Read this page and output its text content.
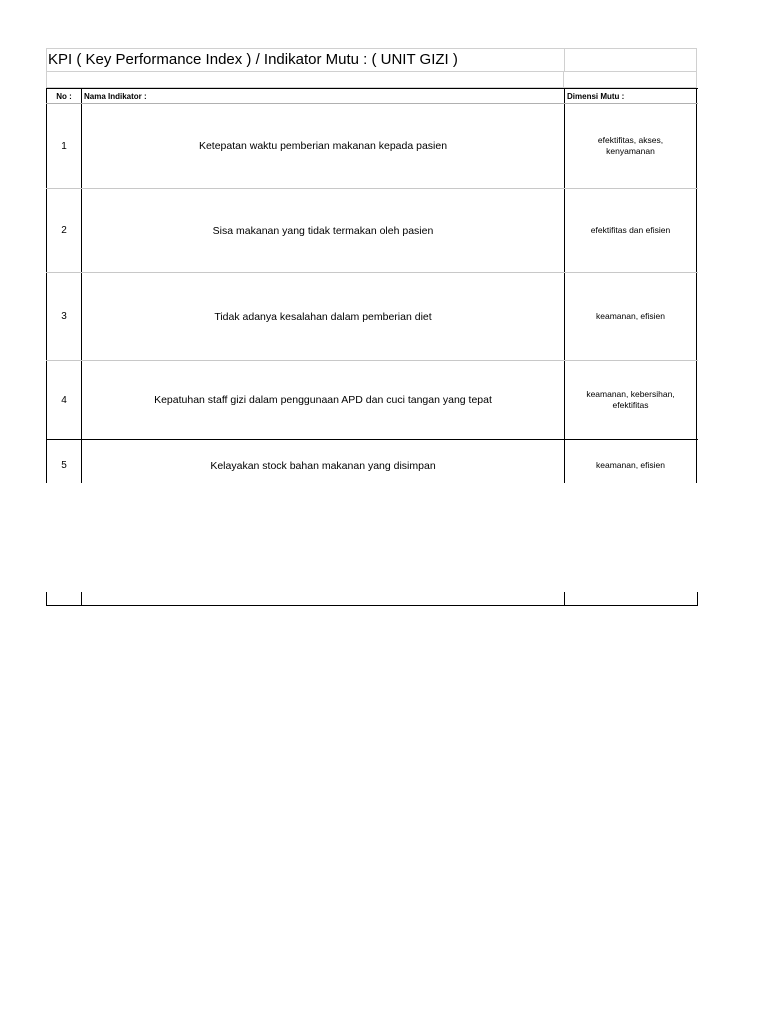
KPI ( Key Performance Index ) / Indikator Mutu : ( UNIT GIZI )
No :	Nama Indikator :	Dimensi Mutu :
1	Ketepatan waktu pemberian makanan kepada pasien	efektifitas, akses, kenyamanan
2	Sisa makanan yang tidak termakan oleh pasien	efektifitas dan efisien
3	Tidak adanya kesalahan dalam pemberian diet	keamanan, efisien
4	Kepatuhan staff gizi dalam penggunaan APD dan cuci tangan yang tepat	keamanan, kebersihan, efektifitas
5	Kelayakan stock bahan makanan yang disimpan	keamanan, efisien
